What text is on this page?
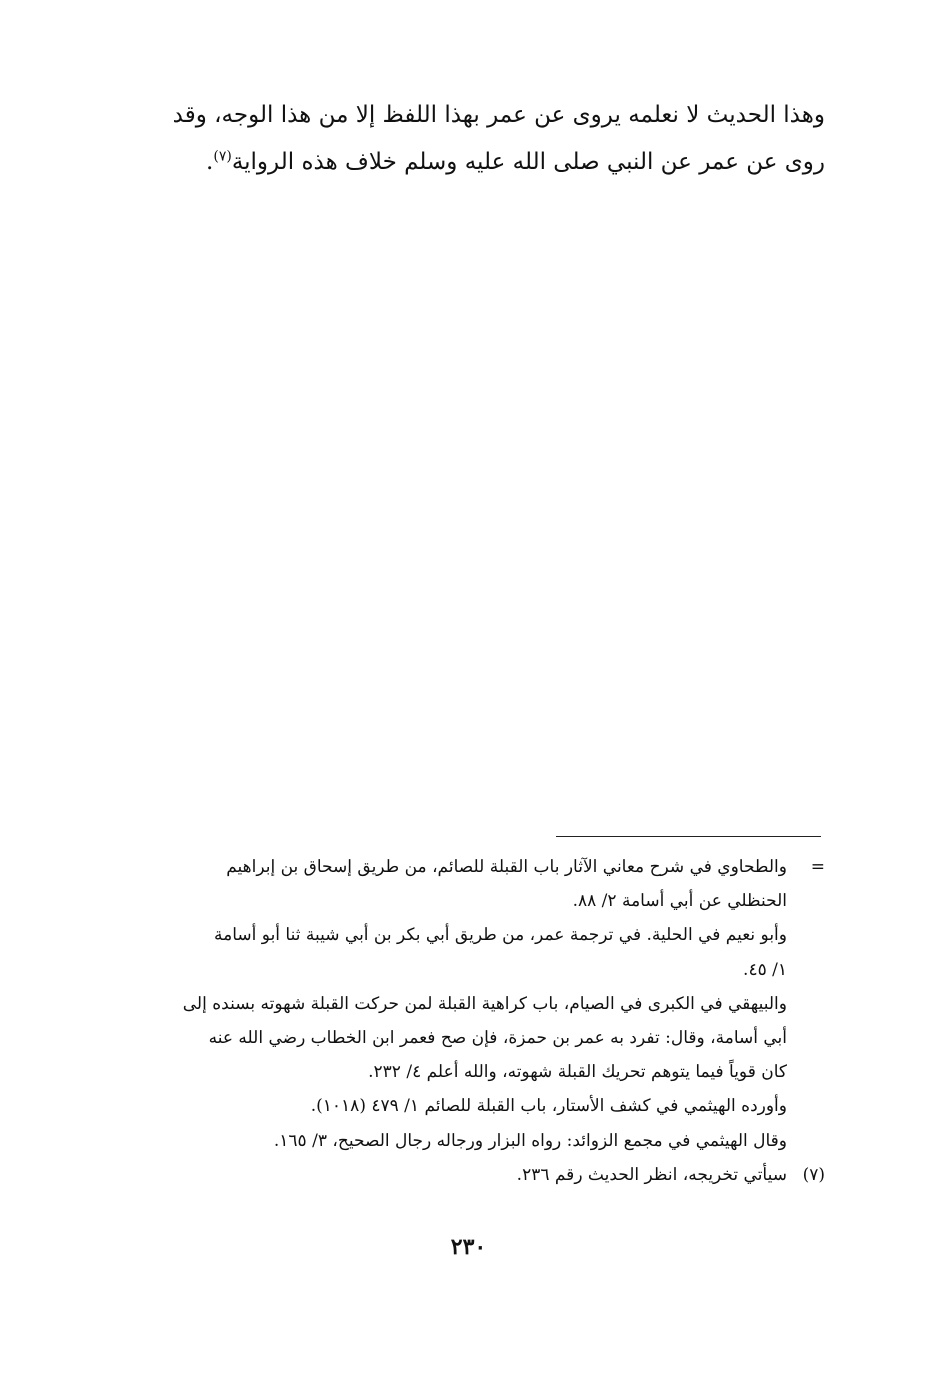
وهذا الحديث لا نعلمه يروى عن عمر بهذا اللفظ إلا من هذا الوجه، وقد

روى عن عمر عن النبي صلى الله عليه وسلم خلاف هذه الرواية$^{(٧)}$.

=
والطحاوي في شرح معاني الآثار باب القبلة للصائم، من طريق إسحاق بن إبراهيم

الحنظلي عن أبي أسامة ٢/ ٨٨.

وأبو نعيم في الحلية. في ترجمة عمر، من طريق أبي بكر بن أبي شيبة ثنا أبو أسامة

١/ ٤٥.

والبيهقي في الكبرى في الصيام، باب كراهية القبلة لمن حركت القبلة شهوته بسنده إلى

أبي أسامة، وقال: تفرد به عمر بن حمزة، فإن صح فعمر ابن الخطاب رضي الله عنه

كان قوياً فيما يتوهم تحريك القبلة شهوته، والله أعلم ٤/ ٢٣٢.

وأورده الهيثمي في كشف الأستار، باب القبلة للصائم ١/ ٤٧٩ (١٠١٨).

وقال الهيثمي في مجمع الزوائد: رواه البزار ورجاله رجال الصحيح، ٣/ ١٦٥.

(٧)
سيأتي تخريجه، انظر الحديث رقم ٢٣٦.

٢٣٠
